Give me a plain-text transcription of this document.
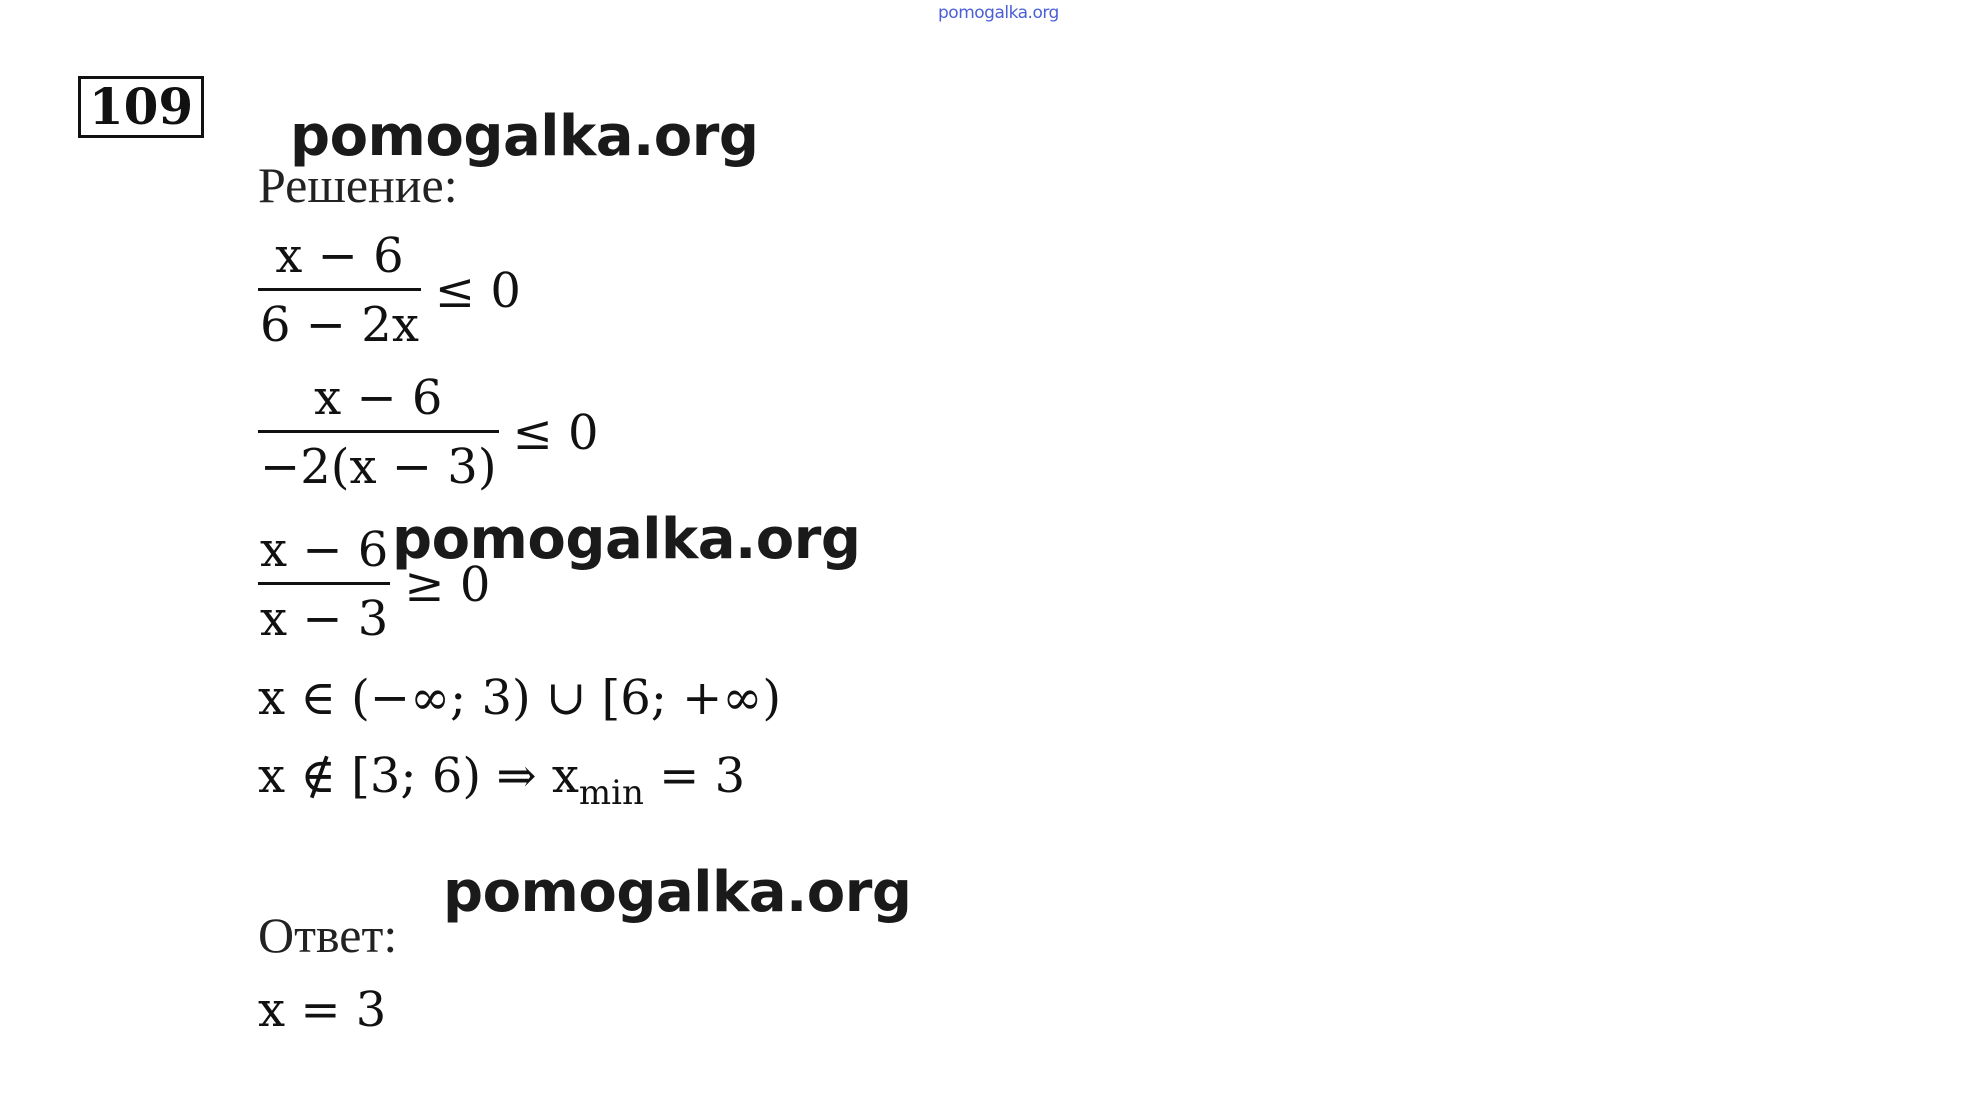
pomogalka.org
109
Решение:
pomogalka.org
$\frac{x - 6}{6 - 2x} \le 0$
$\frac{x - 6}{-2(x - 3)} \le 0$
$\frac{x - 6}{x - 3} \ge 0$
pomogalka.org
x ∈ (−∞; 3) ∪ [6; +∞)
x ∉ [3; 6) ⇒ $x_{min} = 3$
Ответ:
pomogalka.org
x = 3
